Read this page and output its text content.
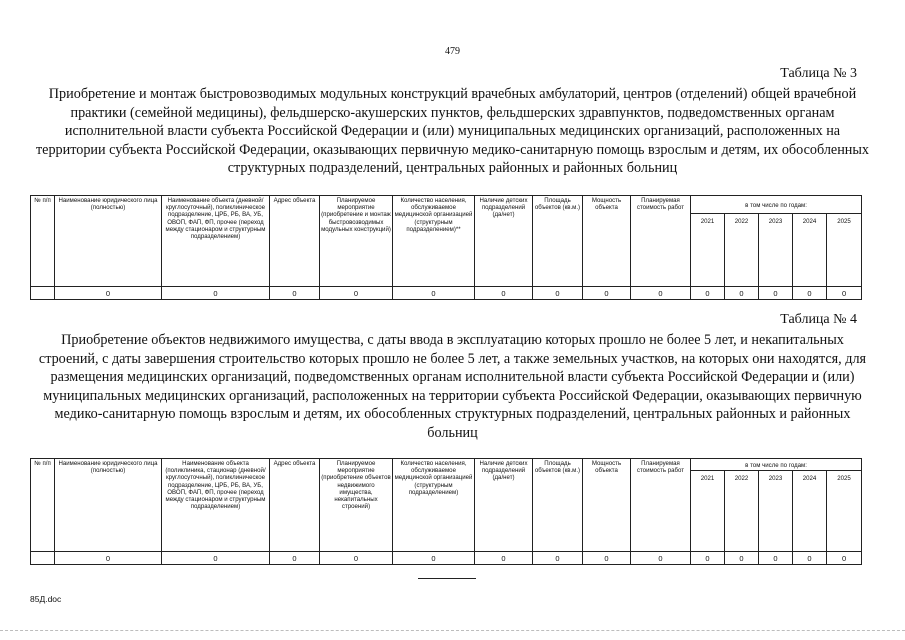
479
Таблица № 3
Приобретение и монтаж быстровозводимых модульных конструкций врачебных амбулаторий, центров (отделений) общей врачебной практики (семейной медицины), фельдшерско-акушерских пунктов, фельдшерских здравпунктов, подведомственных органам исполнительной власти субъекта Российской Федерации и (или) муниципальных медицинских организаций, расположенных на территории субъекта Российской Федерации, оказывающих первичную медико-санитарную помощь взрослым и детям, их обособленных структурных подразделений, центральных районных и районных больниц
№ п/п	Наименование юридического лица (полностью)	Наименование объекта (дневной/круглосуточный), поликлиническое подразделение, ЦРБ, РБ, ВА, УБ, ОВОП, ФАП, ФП, прочее (переход между стационаром и структурным подразделением)	Адрес объекта	Планируемое мероприятие (приобретение и монтаж быстровозводимых модульных конструкций)	Количество населения, обслуживаемое медицинской организацией (структурным подразделением)**	Наличие детских подразделений (да/нет)	Площадь объектов (кв.м.)	Мощность объекта	Планируемая стоимость работ	в том числе по годам:				
										2021	2022	2023	2024	2025
	0	0	0	0	0	0	0	0	0	0	0	0	0	0
Таблица № 4
Приобретение объектов недвижимого имущества, с даты ввода в эксплуатацию которых прошло не более 5 лет, и некапитальных строений, с даты завершения строительство которых прошло не более 5 лет, а также земельных участков, на которых они находятся, для размещения медицинских организаций, подведомственных органам исполнительной власти субъекта Российской Федерации и (или) муниципальных медицинских организаций, расположенных на территории субъекта Российской Федерации, оказывающих первичную медико-санитарную помощь взрослым и детям, их обособленных структурных подразделений, центральных районных и районных больниц
№ п/п	Наименование юридического лица (полностью)	Наименование объекта (поликлиника, стационар (дневной/круглосуточный), поликлиническое подразделение, ЦРБ, РБ, ВА, УБ, ОВОП, ФАП, ФП, прочее (переход между стационаром и структурным подразделением)	Адрес объекта	Планируемое мероприятие (приобретение объектов недвижимого имущества, некапитальных строений)	Количество населения, обслуживаемое медицинской организацией (структурным подразделением)	Наличие детских подразделений (да/нет)	Площадь объектов (кв.м.)	Мощность объекта	Планируемая стоимость работ	в том числе по годам:				
										2021	2022	2023	2024	2025
	0	0	0	0	0	0	0	0	0	0	0	0	0	0
85Д.doc
